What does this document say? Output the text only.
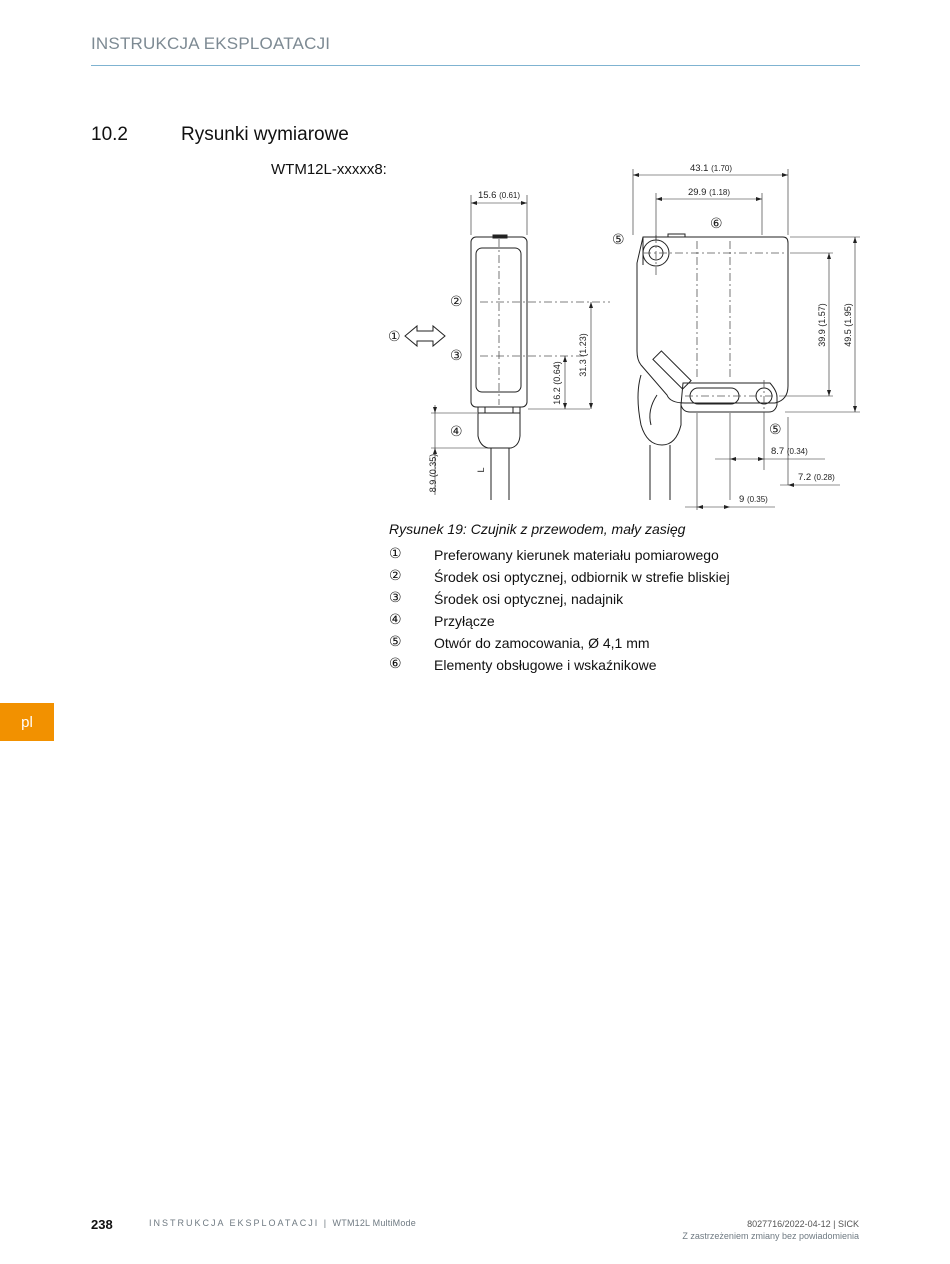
INSTRUKCJA EKSPLOATACJI
10.2	Rysunki wymiarowe
WTM12L-xxxxx8:
15.6 (0.61)
31.3 (1.23)
16.2 (0.64)
8.9 (0.35)	L
①
②
③
④
43.1 (1.70)
29.9 (1.18)
49.5 (1.95)
39.9 (1.57)
8.7 (0.34)
7.2 (0.28)
9 (0.35)
⑤
⑥
⑤
Rysunek 19: Czujnik z przewodem, mały zasięg
① Preferowany kierunek materiału pomiarowego
② Środek osi optycznej, odbiornik w strefie bliskiej
③ Środek osi optycznej, nadajnik
④ Przyłącze
⑤ Otwór do zamocowania, Ø 4,1 mm
⑥ Elementy obsługowe i wskaźnikowe
pl
238	INSTRUKCJA EKSPLOATACJI | WTM12L MultiMode	8027716/2022-04-12 | SICK
Z zastrzeżeniem zmiany bez powiadomienia
